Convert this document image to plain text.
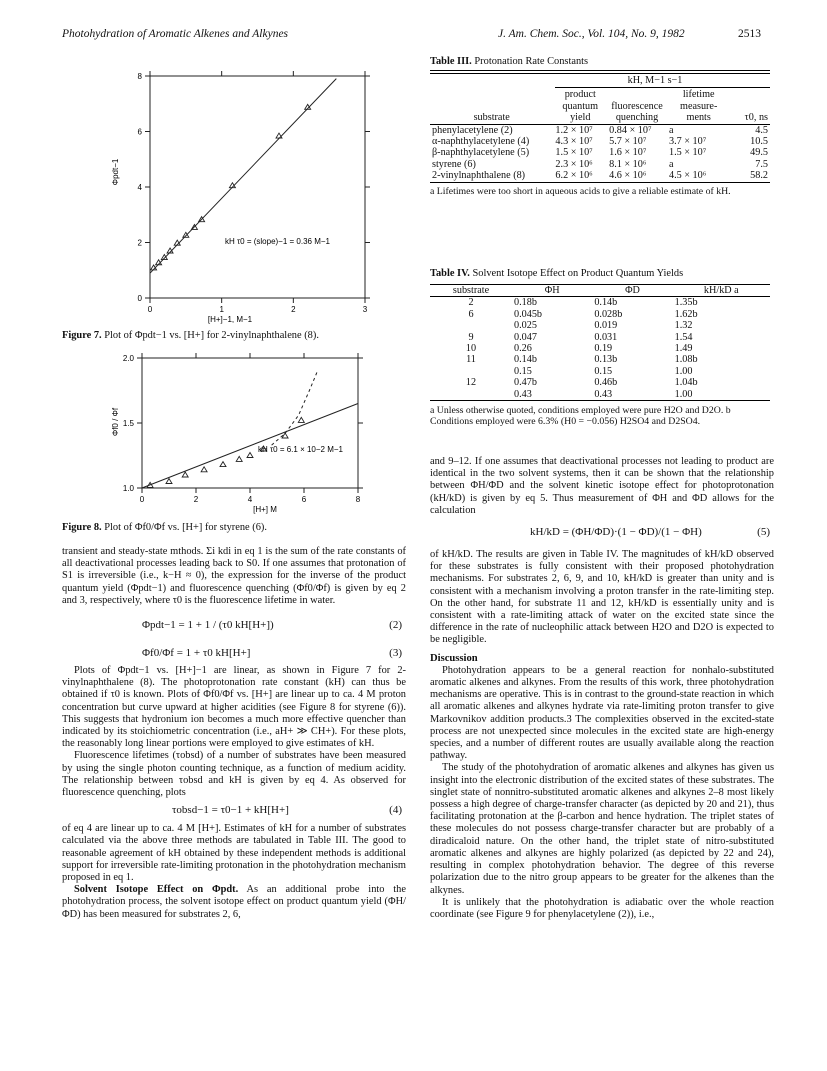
Photohydration of Aromatic Alkenes and Alkynes	J. Am. Chem. Soc., Vol. 104, No. 9, 1982	2513
0	1	2	3
0
2
4
6
8
kH τ0 = (slope)−1 = 0.36 M−1
[H+]−1, M−1
Φpdt−1
Figure 7. Plot of Φpdt−1 vs. [H+] for 2-vinylnaphthalene (8).
0	2	4	6	8
1.0
1.5
2.0
kH τ0 = 6.1 × 10−2 M−1
[H+] M
Φf0 / Φf
Figure 8. Plot of Φf0/Φf vs. [H+] for styrene (6).

transient and steady-state mthods. Σi kdi in eq 1 is the sum of the rate constants of all deactivational processes leading back to S0. If one assumes that protonation of S1 is irreversible (i.e., k−H ≈ 0), the expression for the inverse of the product quantum yield (Φpdt−1) and fluorescence quenching (Φf0/Φf) is given by eq 2 and 3, respectively, where τ0 is the fluorescence lifetime in water.

Φpdt−1 = 1 + 1 / (τ0 kH[H+])	(2)
Φf0/Φf = 1 + τ0 kH[H+]	(3)

Plots of Φpdt−1 vs. [H+]−1 are linear, as shown in Figure 7 for 2-vinylnaphthalene (8). The photoprotonation rate constant (kH) can thus be obtained if τ0 is known. Plots of Φf0/Φf vs. [H+] are linear up to ca. 4 M proton concentration but curve upward at higher acidities (see Figure 8 for styrene (6)). This suggests that hydronium ion becomes a much more effective quencher than indicated by its stoichiometric concentration (i.e., aH+ ≫ CH+). For these plots, the reasonably long linear portions were employed to give estimates of kH.

Fluorescence lifetimes (τobsd) of a number of substrates have been measured by using the single photon counting technique, as a function of medium acidity. The relationship between τobsd and kH is given by eq 4. As observed for fluorescence quenching, plots

τobsd−1 = τ0−1 + kH[H+]	(4)

of eq 4 are linear up to ca. 4 M [H+]. Estimates of kH for a number of substrates calculated via the above three methods are tabulated in Table III. The good to reasonable agreement of kH obtained by these independent methods is additional support for irreversible rate-limiting protonation in the photohydration mechanism proposed in eq 1.

Solvent Isotope Effect on Φpdt. As an additional probe into the photohydration process, the solvent isotope effect on product quantum yield (ΦH/ΦD) has been measured for substrates 2, 6,

Table III. Protonation Rate Constants
kH, M−1 s−1
substrate	product quantum yield	fluorescence quenching	lifetime measure-ments	τ0, ns
phenylacetylene (2)	1.2 × 10⁷	0.84 × 10⁷	a	4.5
α-naphthylacetylene (4)	4.3 × 10⁷	5.7 × 10⁷	3.7 × 10⁷	10.5
β-naphthylacetylene (5)	1.5 × 10⁷	1.6 × 10⁷	1.5 × 10⁷	49.5
styrene (6)	2.3 × 10⁶	8.1 × 10⁶	a	7.5
2-vinylnaphthalene (8)	6.2 × 10⁶	4.6 × 10⁶	4.5 × 10⁶	58.2
a Lifetimes were too short in aqueous acids to give a reliable estimate of kH.
Table IV. Solvent Isotope Effect on Product Quantum Yields
substrate	ΦH	ΦD	kH/kD a
2	0.18b	0.14b	1.35b
6	0.045b	0.028b	1.62b
	0.025	0.019	1.32
9	0.047	0.031	1.54
10	0.26	0.19	1.49
11	0.14b	0.13b	1.08b
	0.15	0.15	1.00
12	0.47b	0.46b	1.04b
	0.43	0.43	1.00
a Unless otherwise quoted, conditions employed were pure H2O and D2O. b Conditions employed were 6.3% (H0 = −0.056) H2SO4 and D2SO4.

and 9–12. If one assumes that deactivational processes not leading to product are identical in the two solvent systems, then it can be shown that the relationship between ΦH/ΦD and the solvent kinetic isotope effect for photoprotonation (kH/kD) is given by eq 5. Thus measurement of ΦH and ΦD allows for the calculation

kH/kD = (ΦH/ΦD)·(1 − ΦD)/(1 − ΦH)	(5)

of kH/kD. The results are given in Table IV. The magnitudes of kH/kD observed for these substrates is fully consistent with their proposed photohydration mechanisms. For substrates 2, 6, 9, and 10, kH/kD is greater than unity and is consistent with a mechanism involving a proton transfer in the rate-limiting step. On the other hand, for substrate 11 and 12, kH/kD is essentially unity and is consistent with a rate-limiting attack of water on the excited state since the difference in the rate of nucleophilic attack between H2O and D2O is expected to be negligible.

Discussion

Photohydration appears to be a general reaction for nonhalo-substituted aromatic alkenes and alkynes. From the results of this work, three photohydration mechanisms are operative. This is in contrast to the ground-state reaction in which all aromatic alkenes and alkynes hydrate via rate-limiting proton transfer to give Markovnikov addition products.3 The complexities observed in the excited-state process are not unexpected since molecules in the excited state are high-energy species, and a number of different routes are usually available along the reaction pathway.

The study of the photohydration of aromatic alkenes and alkynes has given us insight into the electronic distribution of the excited states of these substrates. The singlet state of nonnitro-substituted aromatic alkenes and alkynes 2–8 most likely possess a high degree of charge-transfer character (as depicted by 20 and 21), thus facilitating protonation at the β-carbon and hence hydration. The triplet states of these molecules do not possess charge-transfer character but are probably of a diradicaloid nature. On the other hand, the triplet state of nitro-substituted aromatic alkenes and alkynes are highly polarized (as depicted by 22 and 24), resulting in complex photohydration behavior. The degree of this reverse polarization due to the nitro group appears to be greater for the alkenes than the alkynes.

It is unlikely that the photohydration is adiabatic over the whole reaction coordinate (see Figure 9 for phenylacetylene (2)), i.e.,
